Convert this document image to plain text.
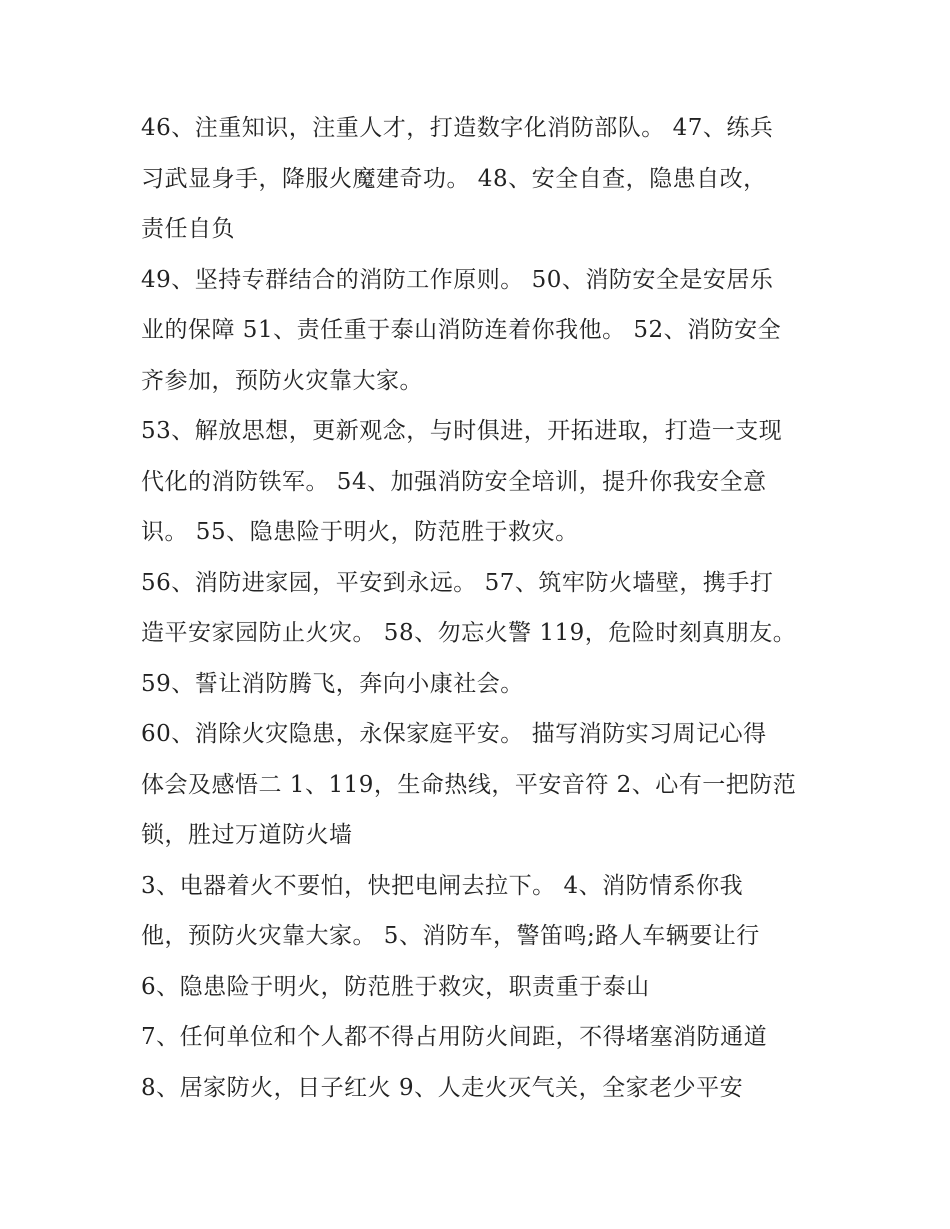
46、注重知识，注重人才，打造数字化消防部队。 47、练兵
习武显身手，降服火魔建奇功。 48、安全自查，隐患自改，
责任自负
49、坚持专群结合的消防工作原则。 50、消防安全是安居乐
业的保障 51、责任重于泰山消防连着你我他。 52、消防安全
齐参加，预防火灾靠大家。
53、解放思想，更新观念，与时俱进，开拓进取，打造一支现
代化的消防铁军。 54、加强消防安全培训，提升你我安全意
识。 55、隐患险于明火，防范胜于救灾。
56、消防进家园，平安到永远。 57、筑牢防火墙壁，携手打
造平安家园防止火灾。 58、勿忘火警 119，危险时刻真朋友。
59、誓让消防腾飞，奔向小康社会。
60、消除火灾隐患，永保家庭平安。 描写消防实习周记心得
体会及感悟二 1、119，生命热线，平安音符 2、心有一把防范
锁，胜过万道防火墙
3、电器着火不要怕，快把电闸去拉下。 4、消防情系你我
他，预防火灾靠大家。 5、消防车，警笛鸣;路人车辆要让行
6、隐患险于明火，防范胜于救灾，职责重于泰山
7、任何单位和个人都不得占用防火间距，不得堵塞消防通道
8、居家防火，日子红火 9、人走火灭气关，全家老少平安
